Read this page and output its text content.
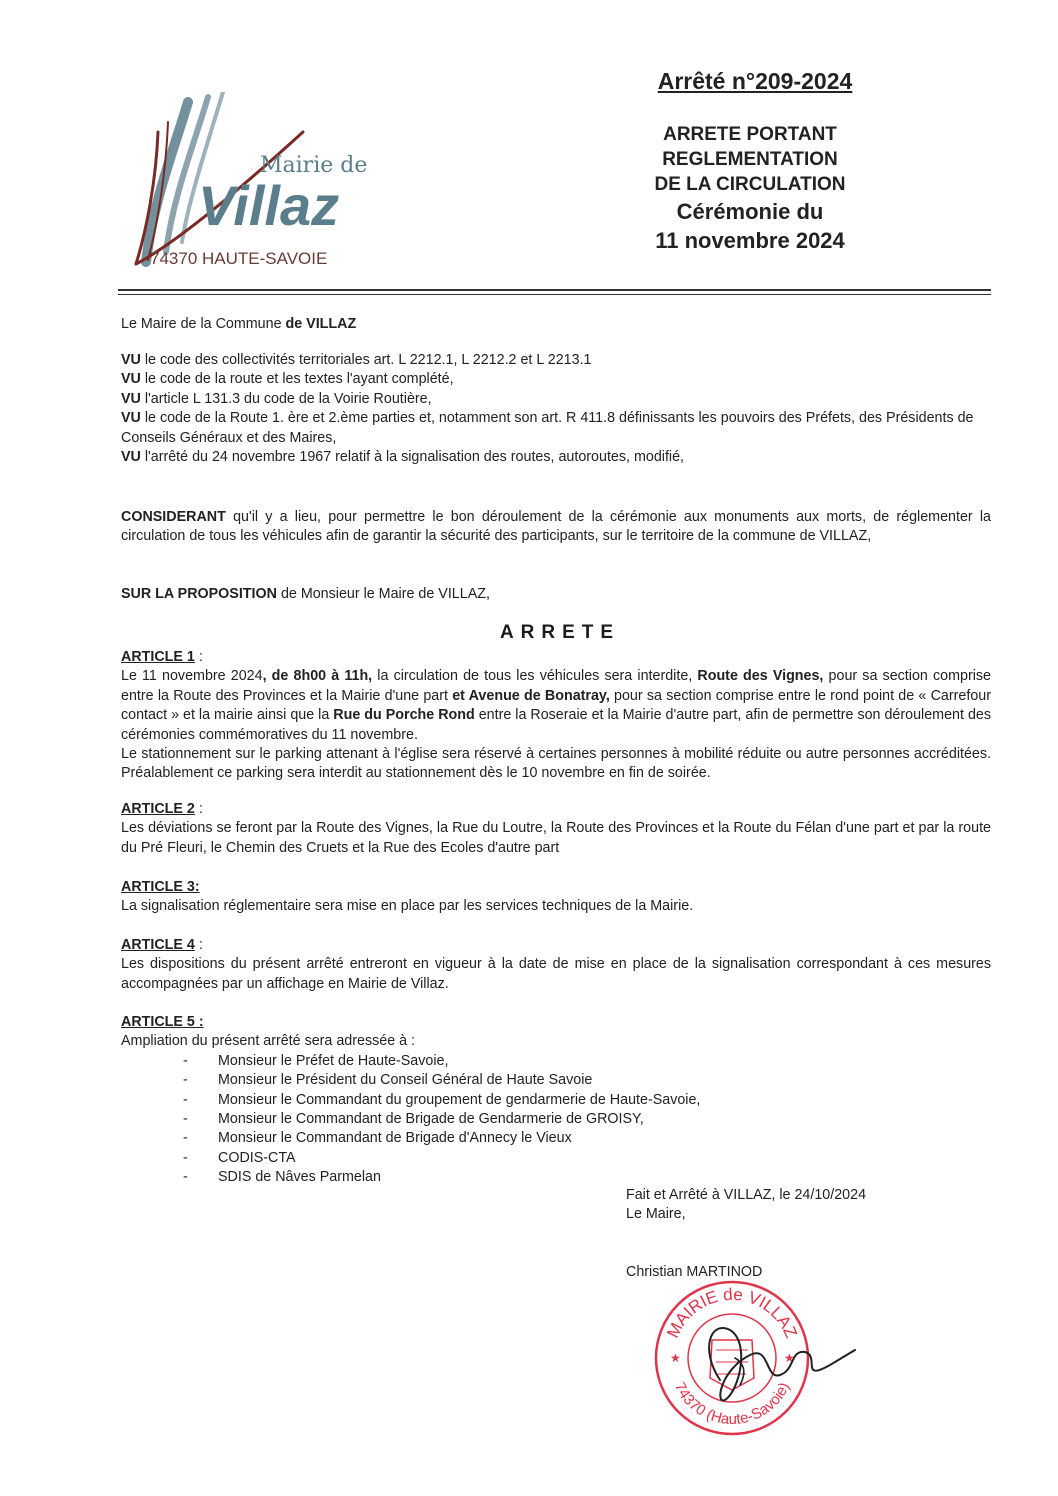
Mairie de
Villaz
74370 HAUTE-SAVOIE
Arrêté n°209-2024
ARRETE PORTANT
REGLEMENTATION
DE LA CIRCULATION
Cérémonie du
11 novembre 2024
Le Maire de la Commune de VILLAZ
VU le code des collectivités territoriales art. L 2212.1, L 2212.2 et L 2213.1
VU le code de la route et les textes l'ayant complété,
VU l'article L 131.3 du code de la Voirie Routière,
VU le code de la Route 1. ère et 2.ème parties et, notamment son art. R 411.8 définissants les pouvoirs des Préfets, des Présidents de Conseils Généraux et des Maires,
VU l'arrêté du 24 novembre 1967 relatif à la signalisation des routes, autoroutes, modifié,
CONSIDERANT qu'il y a lieu, pour permettre le bon déroulement de la cérémonie aux monuments aux morts, de réglementer la circulation de tous les véhicules afin de garantir la sécurité des participants, sur le territoire de la commune de VILLAZ,
SUR LA PROPOSITION de Monsieur le Maire de VILLAZ,
ARRETE
ARTICLE 1 :
Le 11 novembre 2024, de 8h00 à 11h, la circulation de tous les véhicules sera interdite, Route des Vignes, pour sa section comprise entre la Route des Provinces et la Mairie d'une part et Avenue de Bonatray, pour sa section comprise entre le rond point de « Carrefour contact » et la mairie ainsi que la Rue du Porche Rond entre la Roseraie et la Mairie d'autre part, afin de permettre son déroulement des cérémonies commémoratives du 11 novembre.
Le stationnement sur le parking attenant à l'église sera réservé à certaines personnes à mobilité réduite ou autre personnes accréditées. Préalablement ce parking sera interdit au stationnement dès le 10 novembre en fin de soirée.
ARTICLE 2 :
Les déviations se feront par la Route des Vignes, la Rue du Loutre, la Route des Provinces et la Route du Félan d'une part et par la route du Pré Fleuri, le Chemin des Cruets et la Rue des Ecoles d'autre part
ARTICLE 3:
La signalisation réglementaire sera mise en place par les services techniques de la Mairie.
ARTICLE 4 :
Les dispositions du présent arrêté entreront en vigueur à la date de mise en place de la signalisation correspondant à ces mesures accompagnées par un affichage en Mairie de Villaz.
ARTICLE 5 :
Ampliation du présent arrêté sera adressée à :
- Monsieur le Préfet de Haute-Savoie,
- Monsieur le Président du Conseil Général de Haute Savoie
- Monsieur le Commandant du groupement de gendarmerie de Haute-Savoie,
- Monsieur le Commandant de Brigade de Gendarmerie de GROISY,
- Monsieur le Commandant de Brigade d'Annecy le Vieux
- CODIS-CTA
- SDIS de Nâves Parmelan
Fait et Arrêté à VILLAZ, le 24/10/2024
Le Maire,
Christian MARTINOD
MAIRIE de VILLAZ
74370 (Haute-Savoie)
★	★
